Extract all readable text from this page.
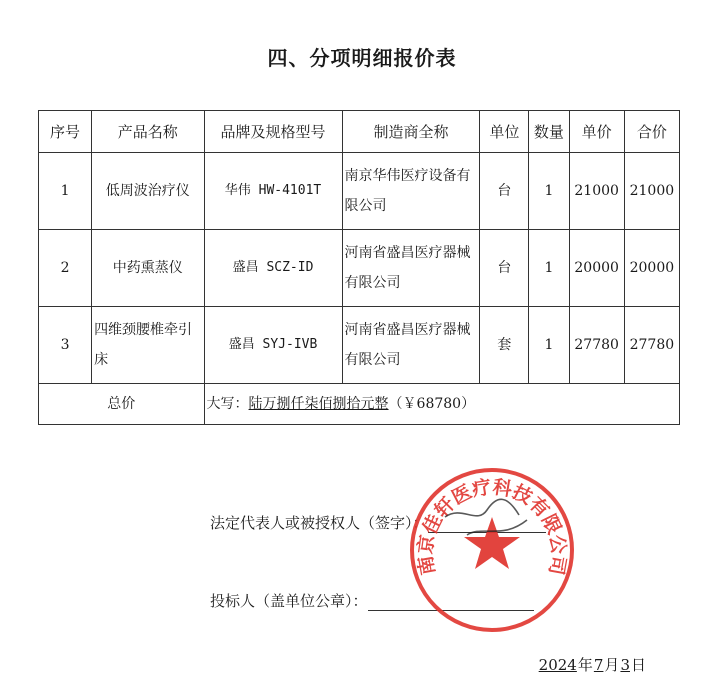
四、分项明细报价表
序号	产品名称	品牌及规格型号	制造商全称	单位	数量	单价	合价
1	低周波治疗仪	华伟 HW-4101T	南京华伟医疗设备有限公司	台	1	21000	21000
2	中药熏蒸仪	盛昌 SCZ-ID	河南省盛昌医疗器械有限公司	台	1	20000	20000
3	四维颈腰椎牵引床	盛昌 SYJ-IVB	河南省盛昌医疗器械有限公司	套	1	27780	27780
总价		大写：陆万捌仟柒佰捌拾元整（￥68780）					
法定代表人或被授权人（签字）：
投标人（盖单位公章）：
南京佳轩医疗科技有限公司
2024年7月3日
